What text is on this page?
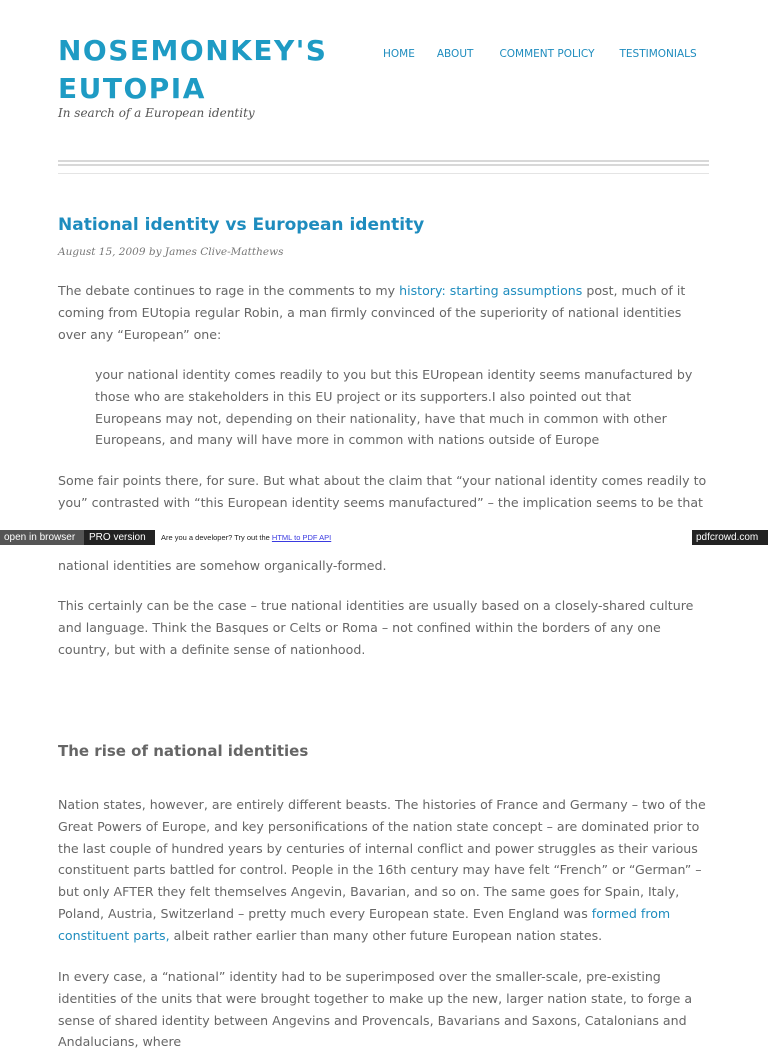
NOSEMONKEY'S EUTOPIA
In search of a European identity
HOME ABOUT COMMENT POLICY TESTIMONIALS
National identity vs European identity
August 15, 2009 by James Clive-Matthews

The debate continues to rage in the comments to my history: starting assumptions post, much of it coming from EUtopia regular Robin, a man firmly convinced of the superiority of national identities over any “European” one:

your national identity comes readily to you but this EUropean identity seems manufactured by those who are stakeholders in this EU project or its supporters.I also pointed out that Europeans may not, depending on their nationality, have that much in common with other Europeans, and many will have more in common with nations outside of Europe

Some fair points there, for sure. But what about the claim that “your national identity comes readily to you” contrasted with “this European identity seems manufactured” – the implication seems to be that

open in browser	PRO version	Are you a developer? Try out the HTML to PDF API	pdfcrowd.com

national identities are somehow organically-formed.

This certainly can be the case – true national identities are usually based on a closely-shared culture and language. Think the Basques or Celts or Roma – not confined within the borders of any one country, but with a definite sense of nationhood.

The rise of national identities

Nation states, however, are entirely different beasts. The histories of France and Germany – two of the Great Powers of Europe, and key personifications of the nation state concept – are dominated prior to the last couple of hundred years by centuries of internal conflict and power struggles as their various constituent parts battled for control. People in the 16th century may have felt “French” or “German” – but only AFTER they felt themselves Angevin, Bavarian, and so on. The same goes for Spain, Italy, Poland, Austria, Switzerland – pretty much every European state. Even England was formed from constituent parts, albeit rather earlier than many other future European nation states.

In every case, a “national” identity had to be superimposed over the smaller-scale, pre-existing identities of the units that were brought together to make up the new, larger nation state, to forge a sense of shared identity between Angevins and Provencals, Bavarians and Saxons, Catalonians and Andalucians, where
